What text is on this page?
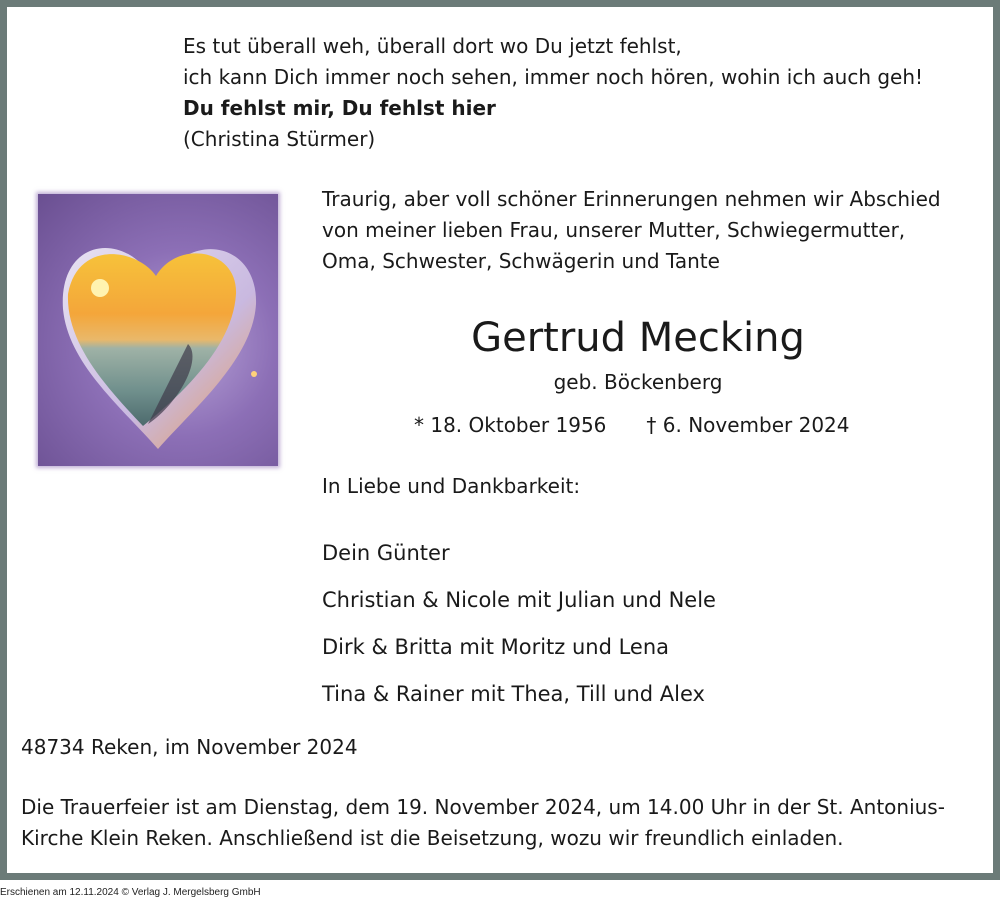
Es tut überall weh, überall dort wo Du jetzt fehlst,
ich kann Dich immer noch sehen, immer noch hören, wohin ich auch geh!
Du fehlst mir, Du fehlst hier
(Christina Stürmer)
Traurig, aber voll schöner Erinnerungen nehmen wir Abschied
von meiner lieben Frau, unserer Mutter, Schwiegermutter,
Oma, Schwester, Schwägerin und Tante
Gertrud Mecking
geb. Böckenberg
* 18. Oktober 1956 † 6. November 2024
In Liebe und Dankbarkeit:
Dein Günter
Christian & Nicole mit Julian und Nele
Dirk & Britta mit Moritz und Lena
Tina & Rainer mit Thea, Till und Alex
48734 Reken, im November 2024
Die Trauerfeier ist am Dienstag, dem 19. November 2024, um 14.00 Uhr in der St. Antonius-
Kirche Klein Reken. Anschließend ist die Beisetzung, wozu wir freundlich einladen.
Erschienen am 12.11.2024 © Verlag J. Mergelsberg GmbH
